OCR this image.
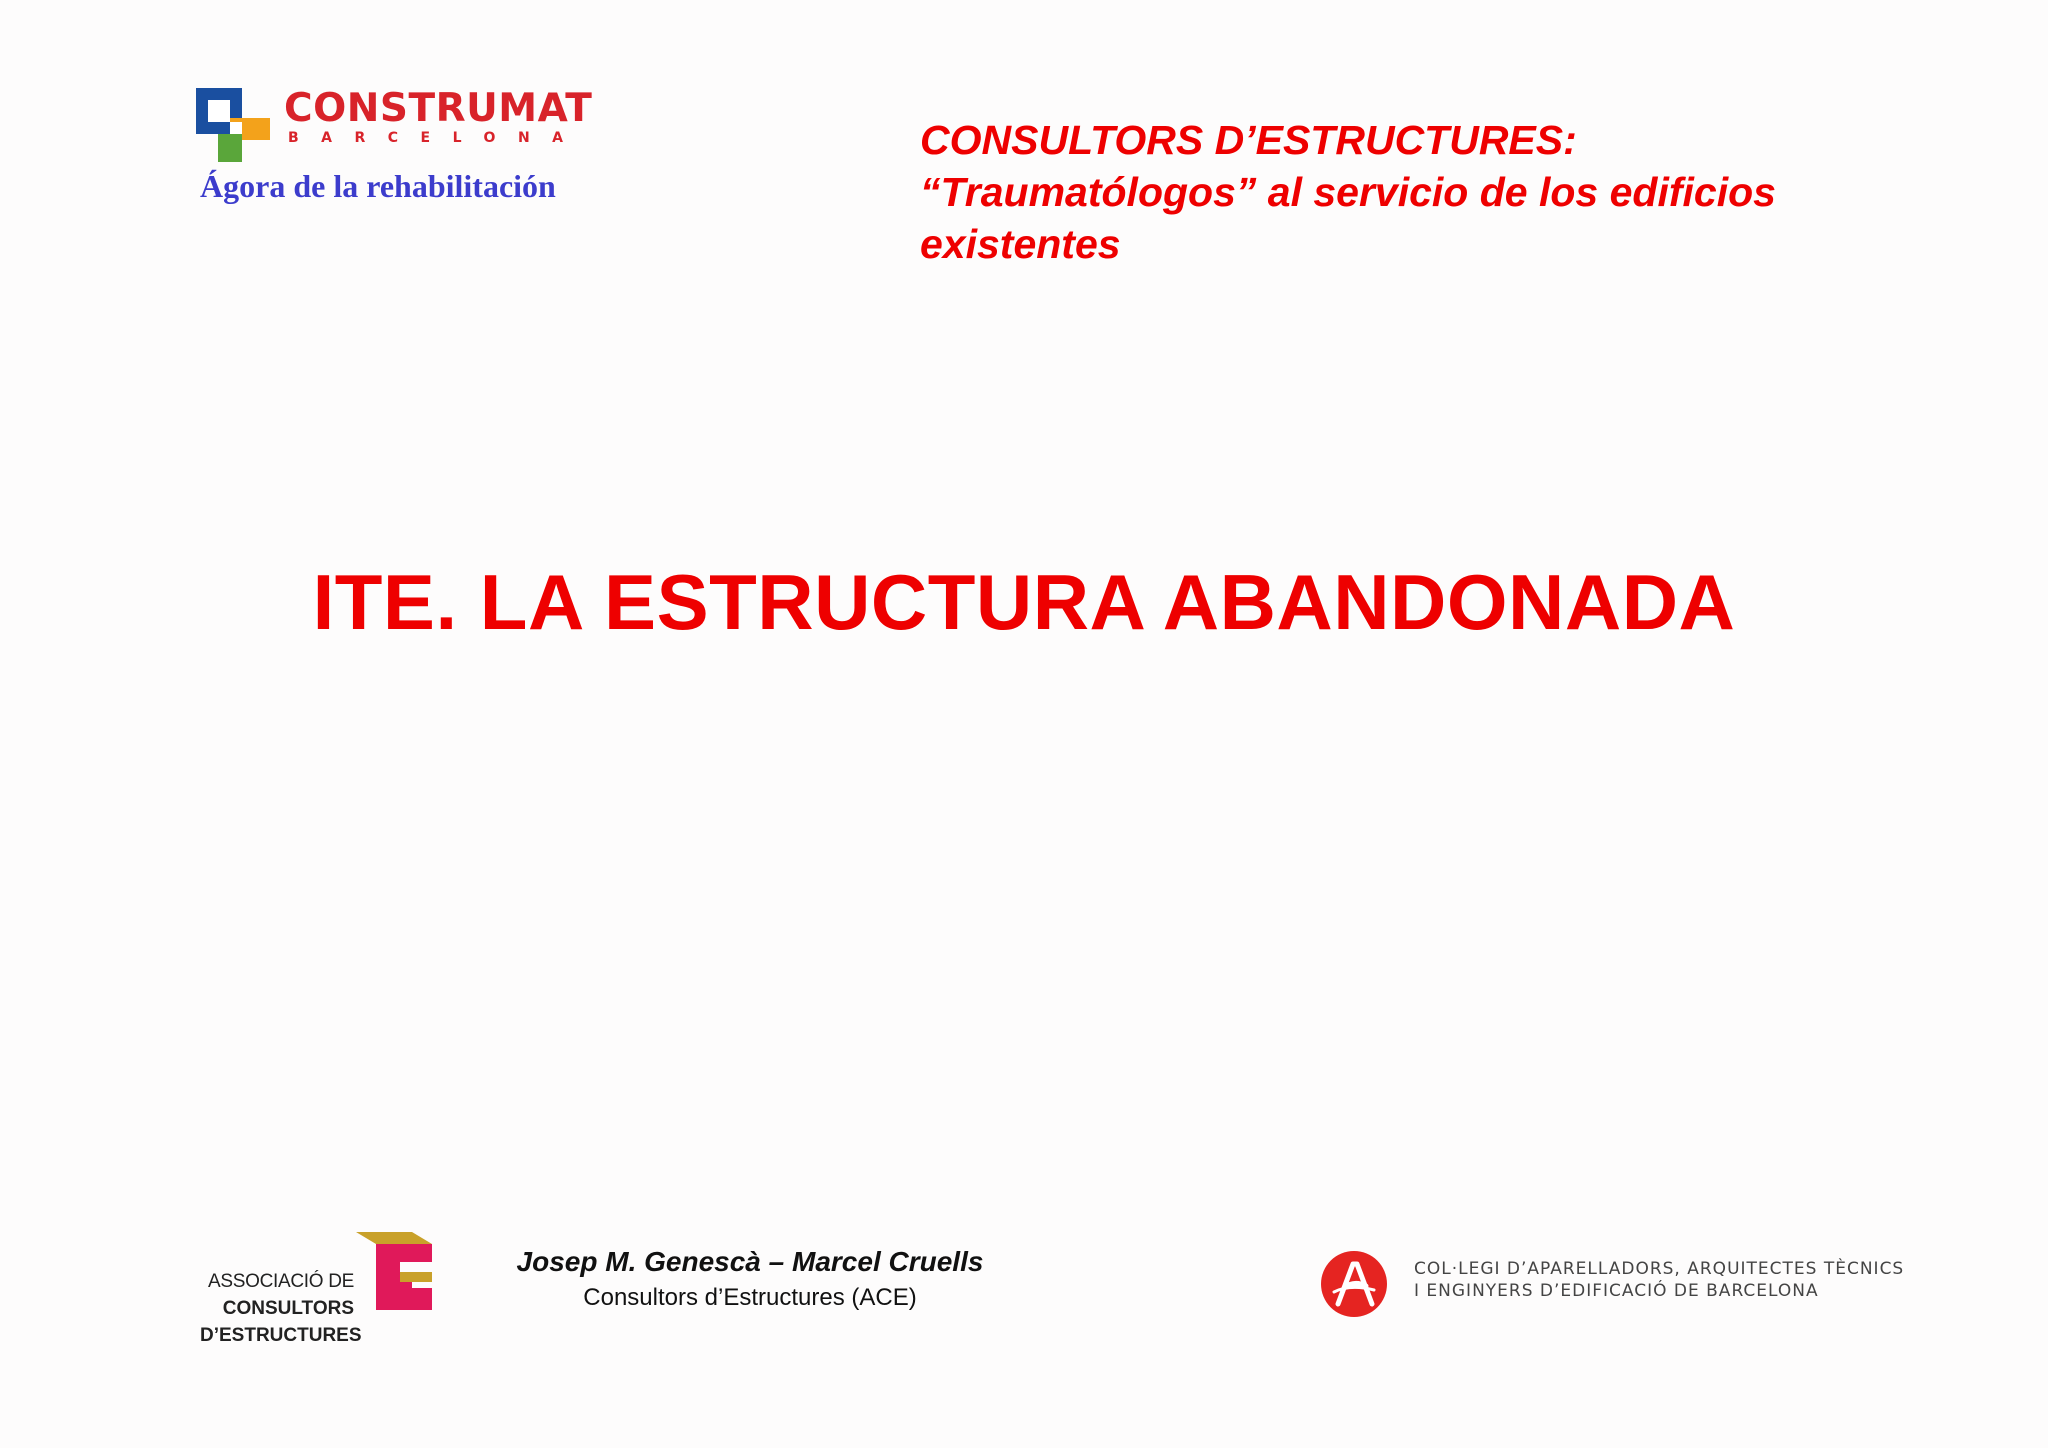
CONSTRUMAT
BARCELONA
Ágora de la rehabilitación
CONSULTORS D’ESTRUCTURES:
“Traumatólogos” al servicio de los edificios
existentes
ITE. LA ESTRUCTURA ABANDONADA
ASSOCIACIÓ DE
CONSULTORS
D’ESTRUCTURES
Josep M. Genescà – Marcel Cruells
Consultors d’Estructures (ACE)
COL·LEGI D’APARELLADORS, ARQUITECTES TÈCNICS
I ENGINYERS D’EDIFICACIÓ DE BARCELONA
